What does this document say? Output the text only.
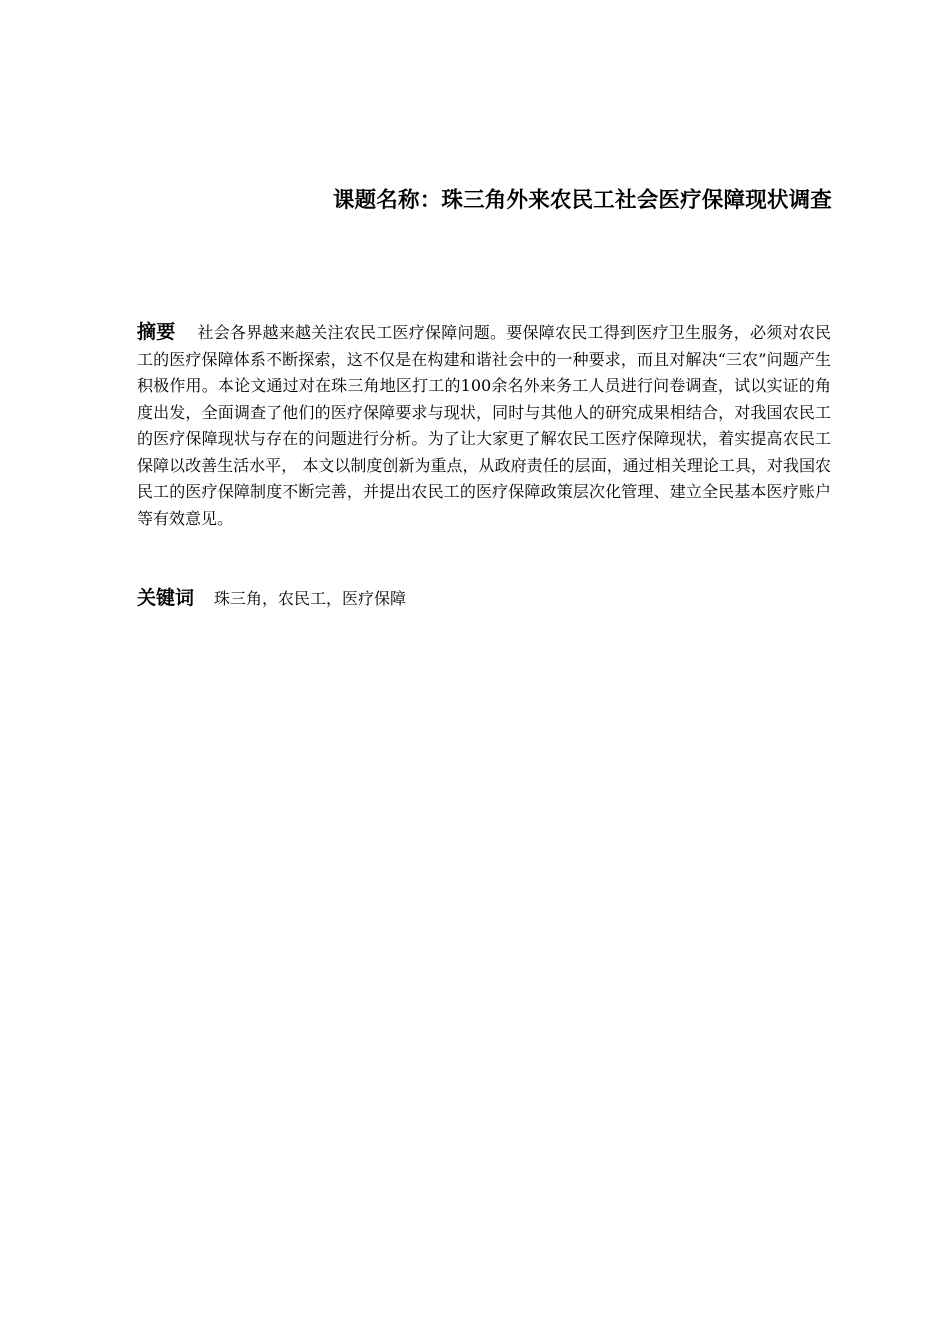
课题名称：珠三角外来农民工社会医疗保障现状调查
摘要 社会各界越来越关注农民工医疗保障问题。要保障农民工得到医疗卫生服务，必须对农民工的医疗保障体系不断探索，这不仅是在构建和谐社会中的一种要求，而且对解决“三农”问题产生积极作用。本论文通过对在珠三角地区打工的100余名外来务工人员进行问卷调查，试以实证的角度出发，全面调查了他们的医疗保障要求与现状，同时与其他人的研究成果相结合，对我国农民工的医疗保障现状与存在的问题进行分析。为了让大家更了解农民工医疗保障现状，着实提高农民工保障以改善生活水平， 本文以制度创新为重点，从政府责任的层面，通过相关理论工具，对我国农民工的医疗保障制度不断完善，并提出农民工的医疗保障政策层次化管理、建立全民基本医疗账户等有效意见。
关键词 珠三角，农民工，医疗保障
